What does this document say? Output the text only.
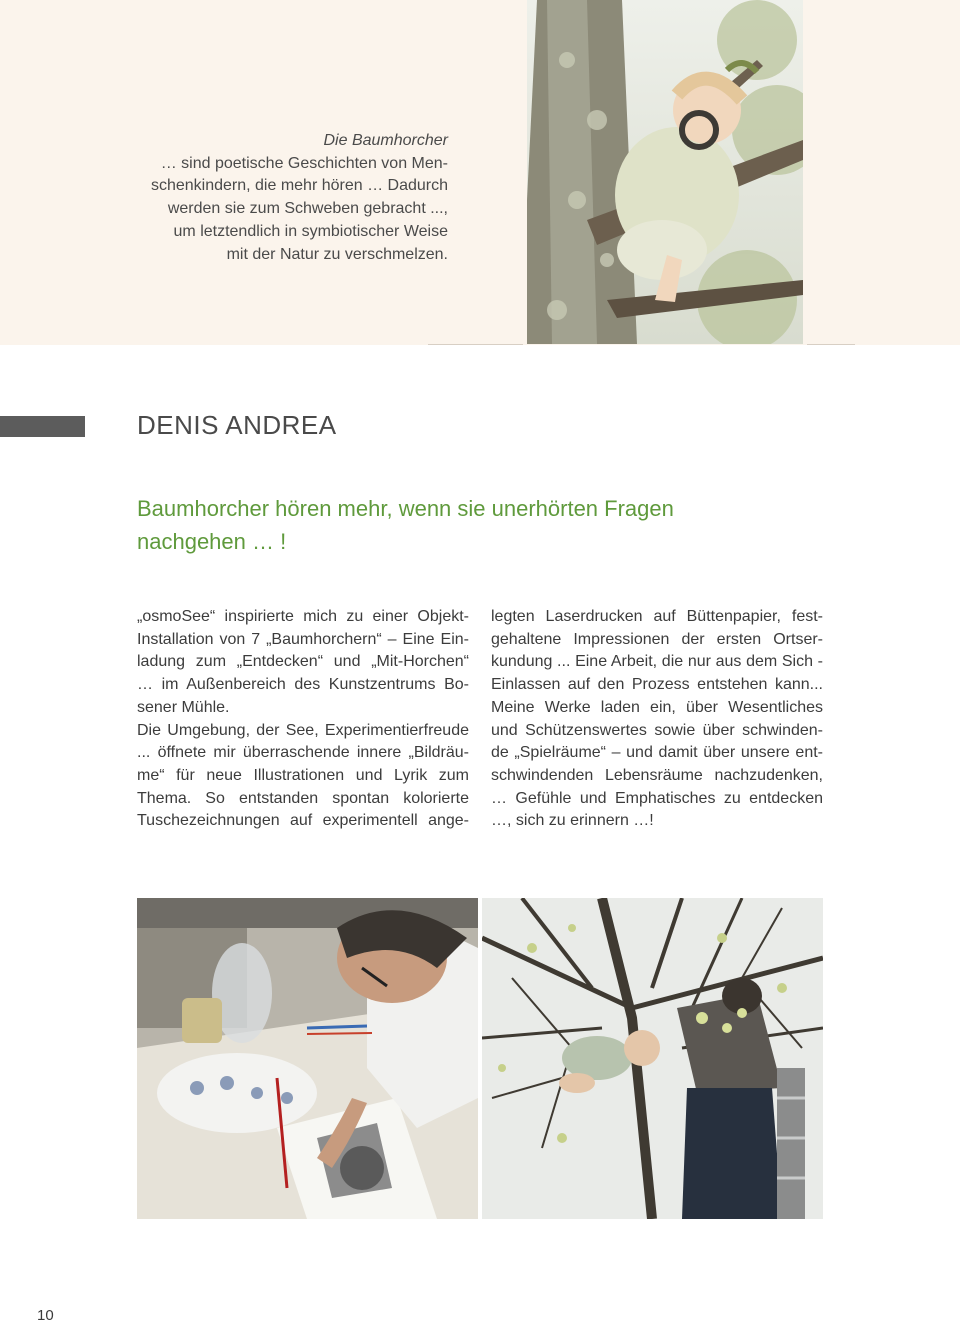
Die Baumhorcher
… sind poetische Geschichten von Men-
schenkindern, die mehr hören … Dadurch
werden sie zum Schweben gebracht ...,
um letztendlich in symbiotischer Weise
mit der Natur zu verschmelzen.
DENIS ANDREA
Baumhorcher hören mehr, wenn sie unerhörten Fragen nachgehen … !
„osmoSee“ inspirierte mich zu einer Objekt-
Installation von 7 „Baumhorchern“ – Eine Ein-
ladung zum „Entdecken“ und „Mit-Horchen“
… im Außenbereich des Kunstzentrums Bo-
sener Mühle.
Die Umgebung, der See, Experimentierfreude
... öffnete mir überraschende innere „Bildräu-
me“ für neue Illustrationen und Lyrik zum
Thema. So entstanden spontan kolorierte
Tuschezeichnungen auf experimentell ange-
legten Laserdrucken auf Büttenpapier, fest-
gehaltene Impressionen der ersten Ortser-
kundung ... Eine Arbeit, die nur aus dem Sich -
Einlassen auf den Prozess entstehen kann...
Meine Werke laden ein, über Wesentliches
und Schützenswertes sowie über schwinden-
de „Spielräume“ – und damit über unsere ent-
schwindenden Lebensräume nachzudenken,
… Gefühle und Emphatisches zu entdecken
…, sich zu erinnern …!
10
